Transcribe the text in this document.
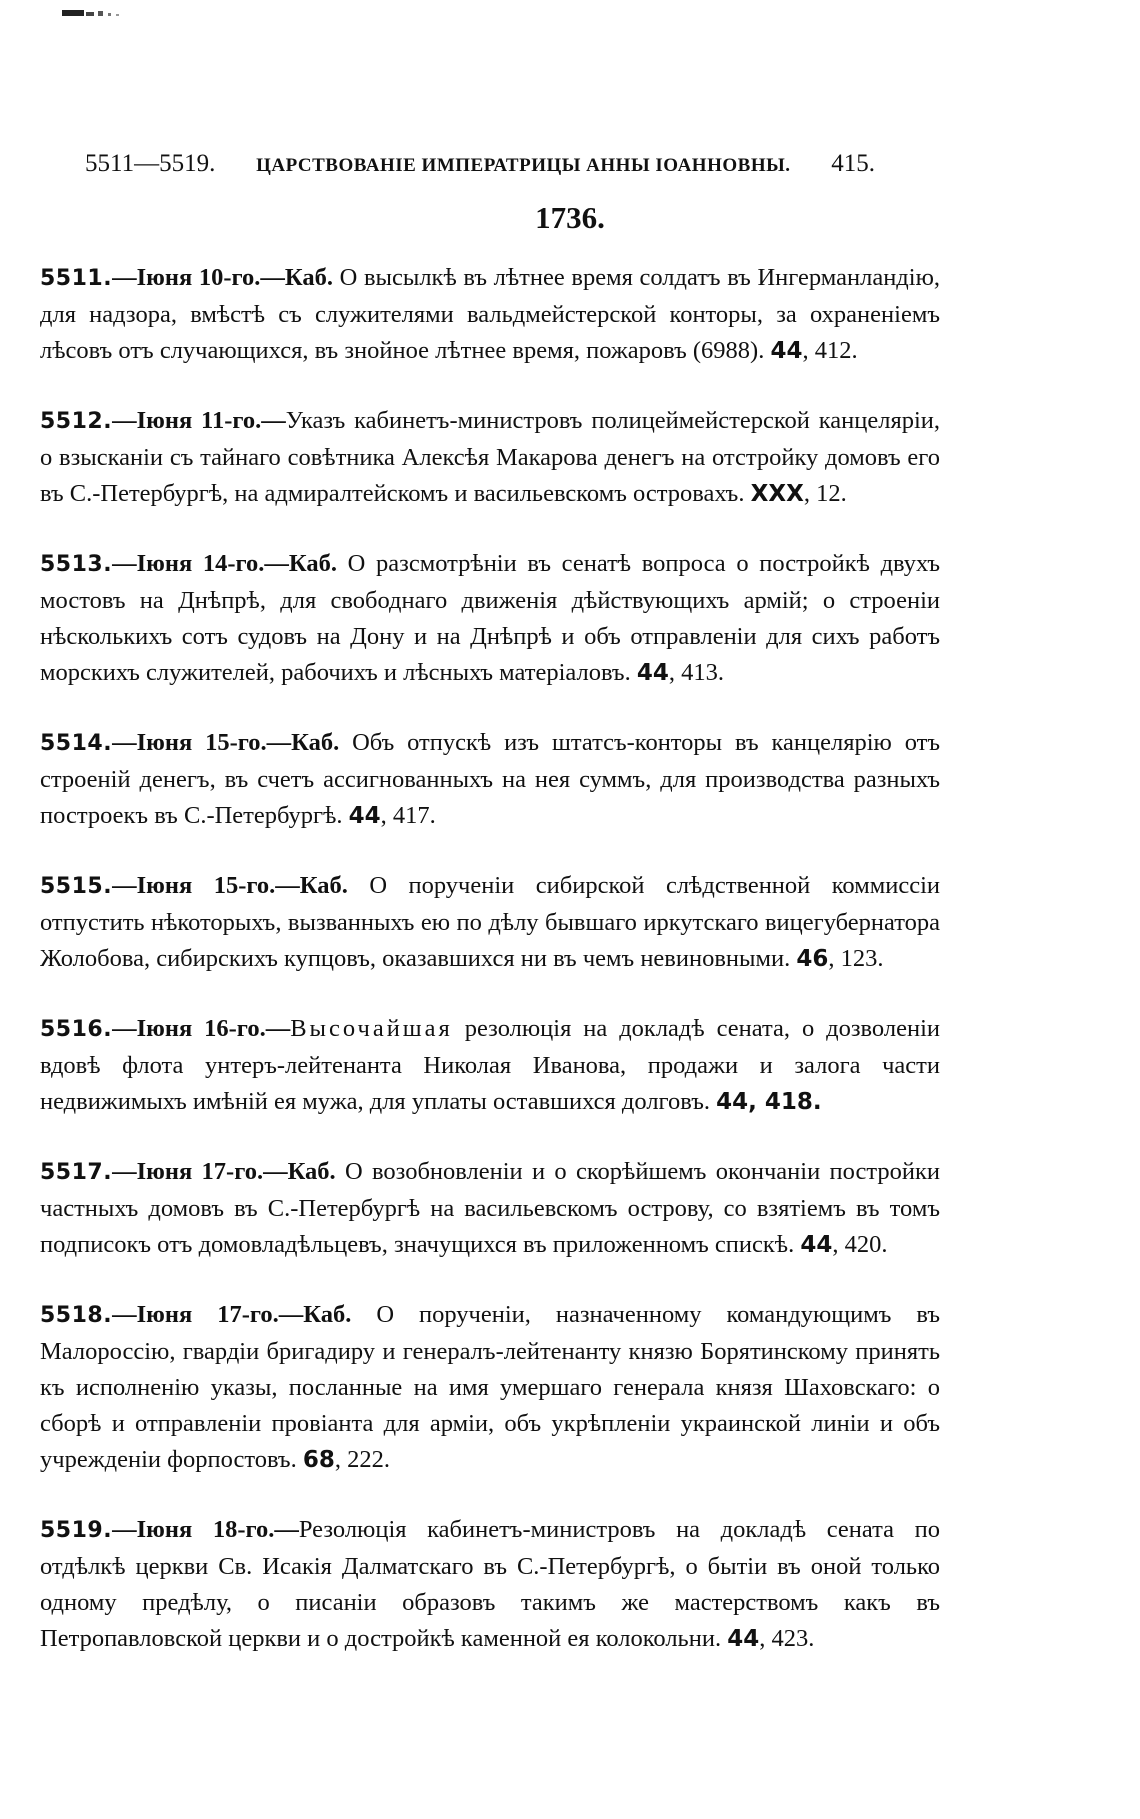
5511—5519. ЦАРСТВОВАНІЕ ИМПЕРАТРИЦЫ АННЫ ІОАННОВНЫ. 415.
1736.

5511.—Іюня 10-го.—Каб. О высылкѣ въ лѣтнее время солдатъ въ Ингерманландію, для надзора, вмѣстѣ съ служителями вальдмейстерской конторы, за охраненіемъ лѣсовъ отъ случающихся, въ знойное лѣтнее время, пожаровъ (6988). 44, 412.

5512.—Іюня 11-го.—Указъ кабинетъ-министровъ полицеймейстерской канцеляріи, о взысканіи съ тайнаго совѣтника Алексѣя Макарова денегъ на отстройку домовъ его въ С.-Петербургѣ, на адмиралтейскомъ и васильевскомъ островахъ. XXX, 12.

5513.—Іюня 14-го.—Каб. О разсмотрѣніи въ сенатѣ вопроса о постройкѣ двухъ мостовъ на Днѣпрѣ, для свободнаго движенія дѣйствующихъ армій; о строеніи нѣсколькихъ сотъ судовъ на Дону и на Днѣпрѣ и объ отправленіи для сихъ работъ морскихъ служителей, рабочихъ и лѣсныхъ матеріаловъ. 44, 413.

5514.—Іюня 15-го.—Каб. Объ отпускѣ изъ штатсъ-конторы въ канцелярію отъ строеній денегъ, въ счетъ ассигнованныхъ на нея суммъ, для производства разныхъ построекъ въ С.-Петербургѣ. 44, 417.

5515.—Іюня 15-го.—Каб. О порученіи сибирской слѣдственной коммиссіи отпустить нѣкоторыхъ, вызванныхъ ею по дѣлу бывшаго иркутскаго вицегубернатора Жолобова, сибирскихъ купцовъ, оказавшихся ни въ чемъ невиновными. 46, 123.

5516.—Іюня 16-го.—Высочайшая резолюція на докладѣ сената, о дозволеніи вдовѣ флота унтеръ-лейтенанта Николая Иванова, продажи и залога части недвижимыхъ имѣній ея мужа, для уплаты оставшихся долговъ. 44, 418.

5517.—Іюня 17-го.—Каб. О возобновленіи и о скорѣйшемъ окончаніи постройки частныхъ домовъ въ С.-Петербургѣ на васильевскомъ острову, со взятіемъ въ томъ подписокъ отъ домовладѣльцевъ, значущихся въ приложенномъ спискѣ. 44, 420.

5518.—Іюня 17-го.—Каб. О порученіи, назначенному командующимъ въ Малороссію, гвардіи бригадиру и генералъ-лейтенанту князю Борятинскому принять къ исполненію указы, посланные на имя умершаго генерала князя Шаховскаго: о сборѣ и отправленіи провіанта для арміи, объ укрѣпленіи украинской линіи и объ учрежденіи форпостовъ. 68, 222.

5519.—Іюня 18-го.—Резолюція кабинетъ-министровъ на докладѣ сената по отдѣлкѣ церкви Св. Исакія Далматскаго въ С.-Петербургѣ, о бытіи въ оной только одному предѣлу, о писаніи образовъ такимъ же мастерствомъ какъ въ Петропавловской церкви и о достройкѣ каменной ея колокольни. 44, 423.
